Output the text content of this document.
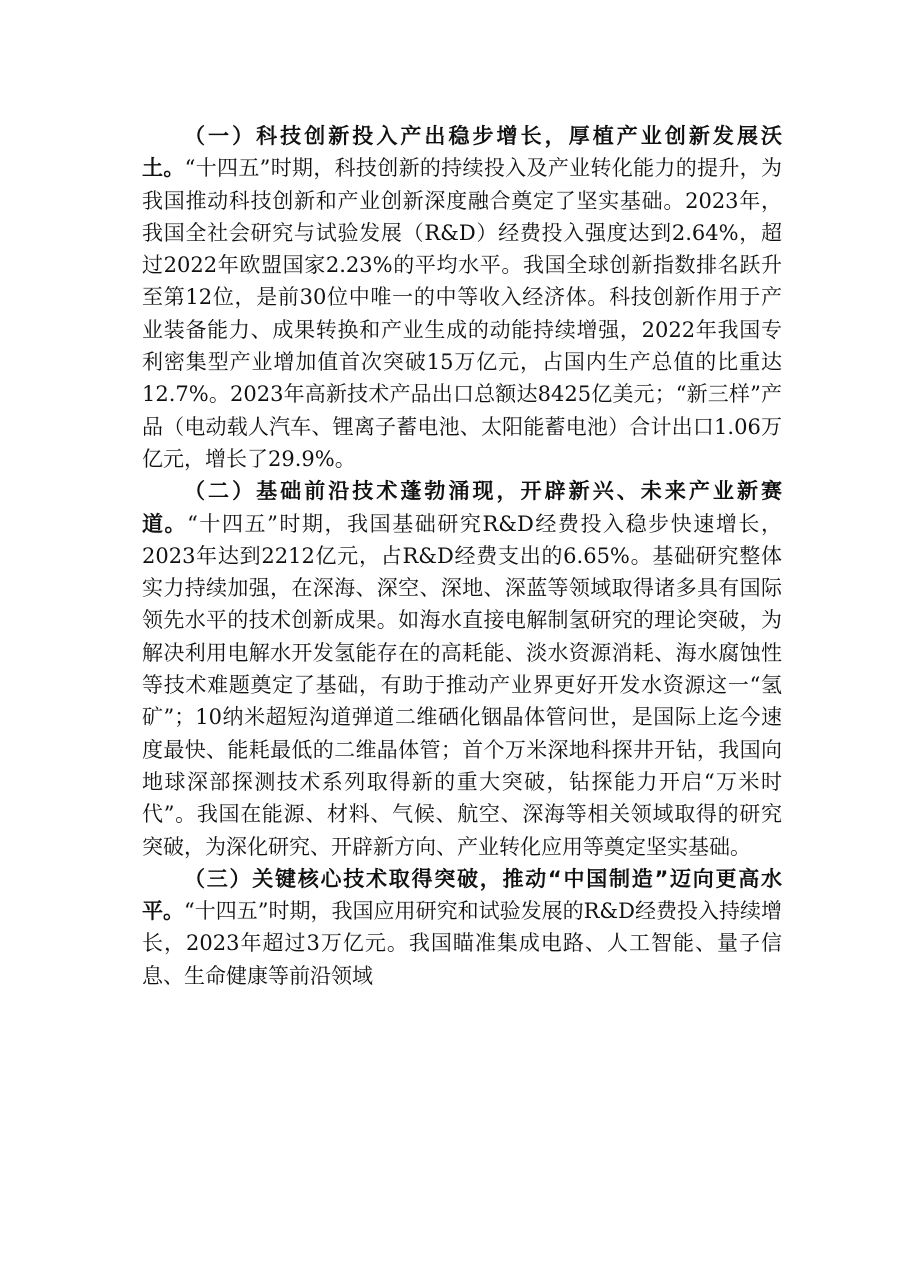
（一）科技创新投入产出稳步增长，厚植产业创新发展沃土。“十四五”时期，科技创新的持续投入及产业转化能力的提升，为我国推动科技创新和产业创新深度融合奠定了坚实基础。2023年，我国全社会研究与试验发展（R&D）经费投入强度达到2.64%，超过2022年欧盟国家2.23%的平均水平。我国全球创新指数排名跃升至第12位，是前30位中唯一的中等收入经济体。科技创新作用于产业装备能力、成果转换和产业生成的动能持续增强，2022年我国专利密集型产业增加值首次突破15万亿元，占国内生产总值的比重达12.7%。2023年高新技术产品出口总额达8425亿美元；“新三样”产品（电动载人汽车、锂离子蓄电池、太阳能蓄电池）合计出口1.06万亿元，增长了29.9%。

（二）基础前沿技术蓬勃涌现，开辟新兴、未来产业新赛道。“十四五”时期，我国基础研究R&D经费投入稳步快速增长，2023年达到2212亿元，占R&D经费支出的6.65%。基础研究整体实力持续加强，在深海、深空、深地、深蓝等领域取得诸多具有国际领先水平的技术创新成果。如海水直接电解制氢研究的理论突破，为解决利用电解水开发氢能存在的高耗能、淡水资源消耗、海水腐蚀性等技术难题奠定了基础，有助于推动产业界更好开发水资源这一“氢矿”；10纳米超短沟道弹道二维硒化铟晶体管问世，是国际上迄今速度最快、能耗最低的二维晶体管；首个万米深地科探井开钻，我国向地球深部探测技术系列取得新的重大突破，钻探能力开启“万米时代”。我国在能源、材料、气候、航空、深海等相关领域取得的研究突破，为深化研究、开辟新方向、产业转化应用等奠定坚实基础。

（三）关键核心技术取得突破，推动“中国制造”迈向更高水平。“十四五”时期，我国应用研究和试验发展的R&D经费投入持续增长，2023年超过3万亿元。我国瞄准集成电路、人工智能、量子信息、生命健康等前沿领域
